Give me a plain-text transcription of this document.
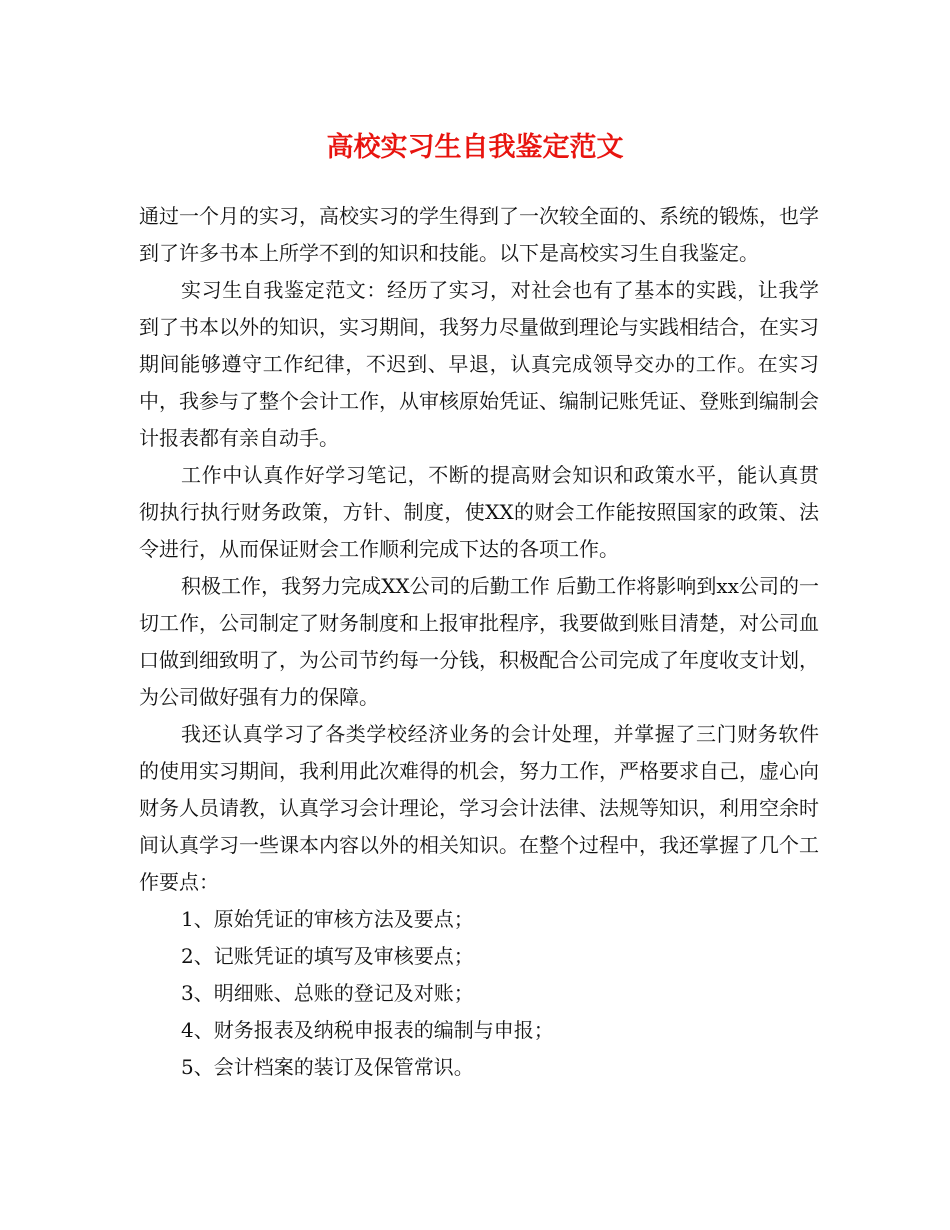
高校实习生自我鉴定范文

通过一个月的实习，高校实习的学生得到了一次较全面的、系统的锻炼，也学到了许多书本上所学不到的知识和技能。以下是高校实习生自我鉴定。

实习生自我鉴定范文：经历了实习，对社会也有了基本的实践，让我学到了书本以外的知识，实习期间，我努力尽量做到理论与实践相结合，在实习期间能够遵守工作纪律，不迟到、早退，认真完成领导交办的工作。在实习中，我参与了整个会计工作，从审核原始凭证、编制记账凭证、登账到编制会计报表都有亲自动手。

工作中认真作好学习笔记，不断的提高财会知识和政策水平，能认真贯彻执行执行财务政策，方针、制度，使XX的财会工作能按照国家的政策、法令进行，从而保证财会工作顺利完成下达的各项工作。

积极工作，我努力完成XX公司的后勤工作 后勤工作将影响到xx公司的一切工作，公司制定了财务制度和上报审批程序，我要做到账目清楚，对公司血口做到细致明了，为公司节约每一分钱，积极配合公司完成了年度收支计划，为公司做好强有力的保障。

我还认真学习了各类学校经济业务的会计处理，并掌握了三门财务软件的使用实习期间，我利用此次难得的机会，努力工作，严格要求自己，虚心向财务人员请教，认真学习会计理论，学习会计法律、法规等知识，利用空余时间认真学习一些课本内容以外的相关知识。在整个过程中，我还掌握了几个工作要点：

1、原始凭证的审核方法及要点；

2、记账凭证的填写及审核要点；

3、明细账、总账的登记及对账；

4、财务报表及纳税申报表的编制与申报；

5、会计档案的装订及保管常识。
